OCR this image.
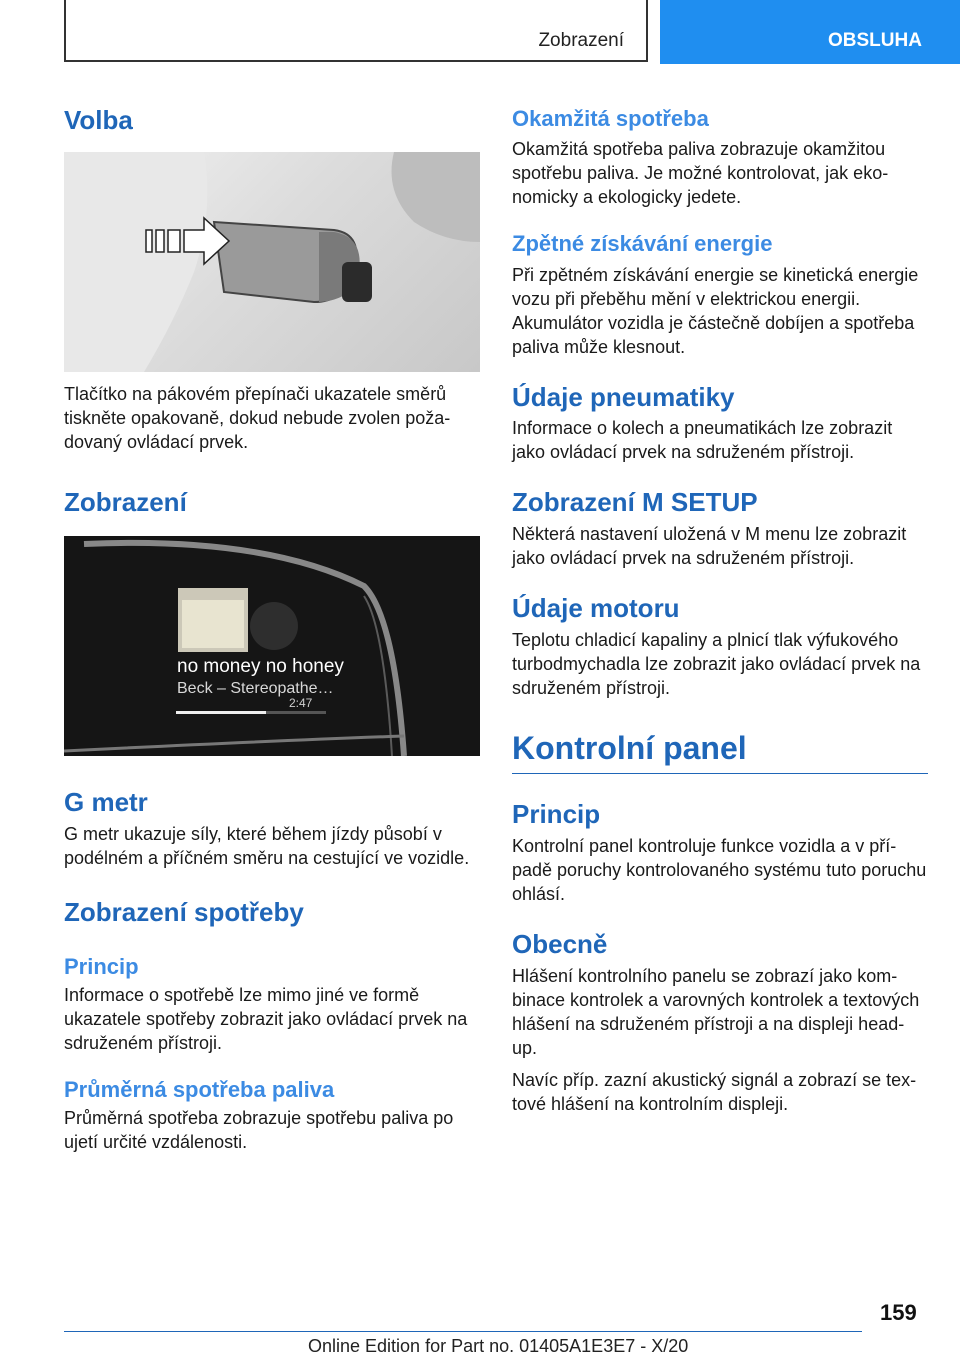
Zobrazení	OBSLUHA
Volba

Tlačítko na pákovém přepínači ukazatele směrů tiskněte opakovaně, dokud nebude zvolen požadovaný ovládací prvek.

Zobrazení
no money no honey
Beck – Stereopathe…
2:47
G metr

G metr ukazuje síly, které během jízdy působí v podélném a příčném směru na cestující ve vozidle.

Zobrazení spotřeby
Princip

Informace o spotřebě lze mimo jiné ve formě ukazatele spotřeby zobrazit jako ovládací prvek na sdruženém přístroji.

Průměrná spotřeba paliva

Průměrná spotřeba zobrazuje spotřebu paliva po ujetí určité vzdálenosti.

Okamžitá spotřeba

Okamžitá spotřeba paliva zobrazuje okamžitou spotřebu paliva. Je možné kontrolovat, jak ekonomicky a ekologicky jedete.

Zpětné získávání energie

Při zpětném získávání energie se kinetická energie vozu při přeběhu mění v elektrickou energii. Akumulátor vozidla je částečně dobíjen a spotřeba paliva může klesnout.

Údaje pneumatiky

Informace o kolech a pneumatikách lze zobrazit jako ovládací prvek na sdruženém přístroji.

Zobrazení M SETUP

Některá nastavení uložená v M menu lze zobrazit jako ovládací prvek na sdruženém přístroji.

Údaje motoru

Teplotu chladicí kapaliny a plnicí tlak výfukového turbodmychadla lze zobrazit jako ovládací prvek na sdruženém přístroji.

Kontrolní panel
Princip

Kontrolní panel kontroluje funkce vozidla a v případě poruchy kontrolovaného systému tuto poruchu ohlásí.

Obecně

Hlášení kontrolního panelu se zobrazí jako kombinace kontrolek a varovných kontrolek a textových hlášení na sdruženém přístroji a na displeji head-up.

Navíc příp. zazní akustický signál a zobrazí se textové hlášení na kontrolním displeji.

159
Online Edition for Part no. 01405A1E3E7 - X/20
